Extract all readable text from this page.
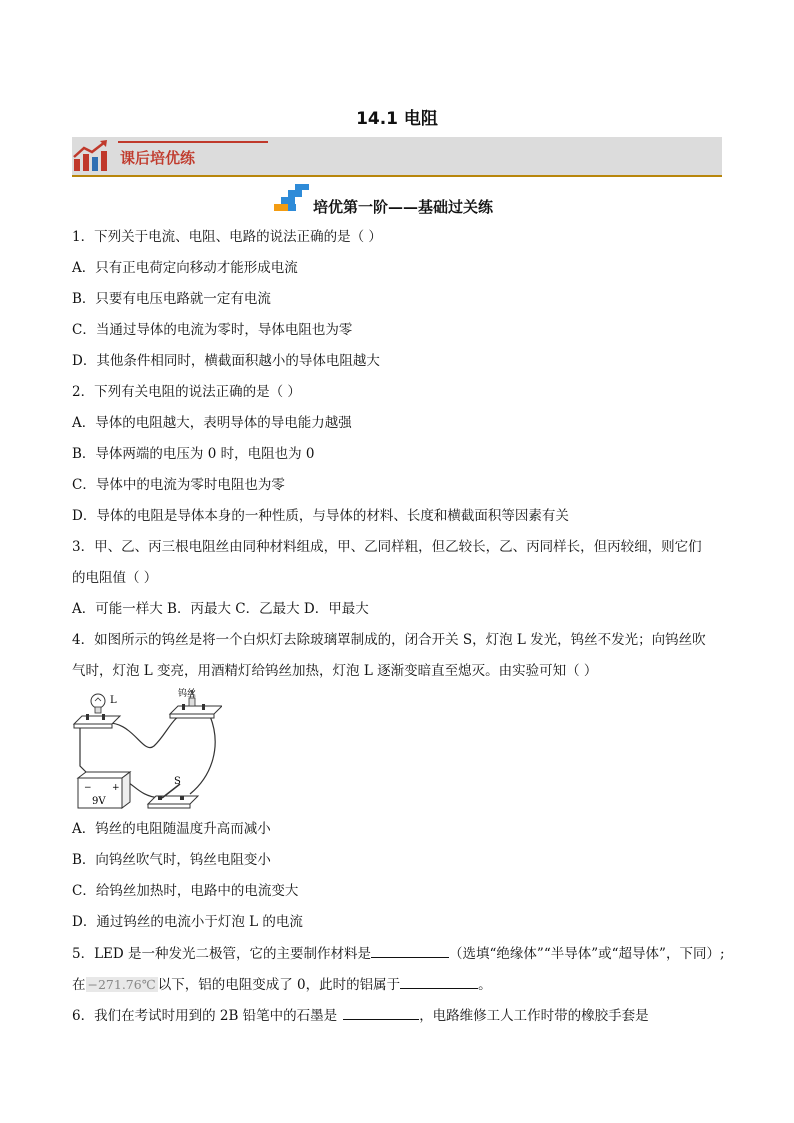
14.1 电阻
课后培优练
培优第一阶——基础过关练
1．下列关于电流、电阻、电路的说法正确的是（ ）
A．只有正电荷定向移动才能形成电流
B．只要有电压电路就一定有电流
C．当通过导体的电流为零时，导体电阻也为零
D．其他条件相同时，横截面积越小的导体电阻越大
2．下列有关电阻的说法正确的是（ ）
A．导体的电阻越大，表明导体的导电能力越强
B．导体两端的电压为 0 时，电阻也为 0
C．导体中的电流为零时电阻也为零
D．导体的电阻是导体本身的一种性质，与导体的材料、长度和横截面积等因素有关
3．甲、乙、丙三根电阻丝由同种材料组成，甲、乙同样粗，但乙较长，乙、丙同样长，但丙较细，则它们
的电阻值（ ）
A．可能一样大 B．丙最大 C．乙最大 D．甲最大
4．如图所示的钨丝是将一个白炽灯去除玻璃罩制成的，闭合开关 S，灯泡 L 发光，钨丝不发光；向钨丝吹
气时，灯泡 L 变亮，用酒精灯给钨丝加热，灯泡 L 逐渐变暗直至熄灭。由实验可知（ ）
L
钨丝
S
9V
− +
A．钨丝的电阻随温度升高而减小
B．向钨丝吹气时，钨丝电阻变小
C．给钨丝加热时，电路中的电流变大
D．通过钨丝的电流小于灯泡 L 的电流
5．LED 是一种发光二极管，它的主要制作材料是	（选填“绝缘体”“半导体”或“超导体”，下同）;
在 −271.76℃ 以下，铝的电阻变成了 0，此时的铝属于	。
6．我们在考试时用到的 2B 铅笔中的石墨是	，电路维修工人工作时带的橡胶手套是
